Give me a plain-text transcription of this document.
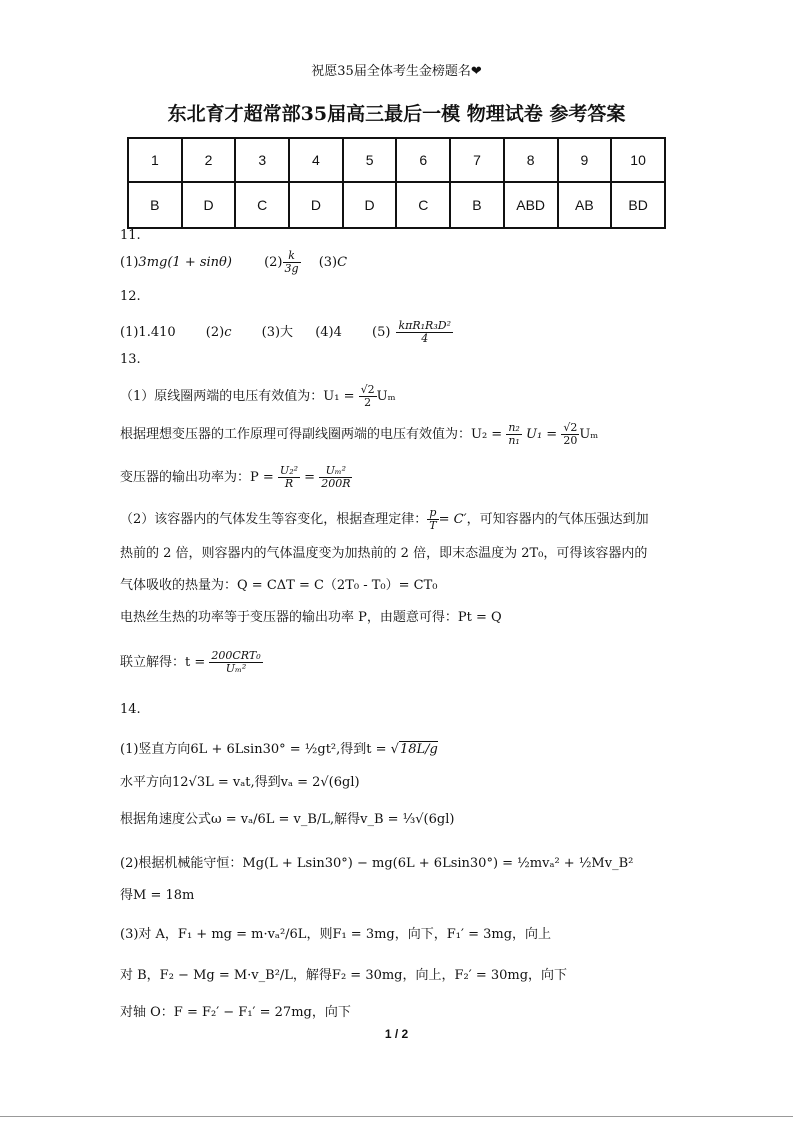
祝愿35届全体考生金榜题名❤
东北育才超常部35届高三最后一模 物理试卷 参考答案
1	2	3	4	5	6	7	8	9	10
B	D	C	D	D	C	B	ABD	AB	BD
11.
(1)3mg(1 + sinθ) $(2) \frac{k}{3g} (3)C$
12.
(1)1.410 (2)c (3)大 (4)4 $(5) \frac{\text{kπR₁R₃D²}}{4}$
13.
（1）原线圈两端的电压有效值为：$U_1 = \frac{√2}{2}$ Uₘ
根据理想变压器的工作原理可得副线圈两端的电压有效值为：$U_2 = \frac{\text{n₂}}{\text{n₁}} U_1 = \frac{√2}{20}$ Uₘ
变压器的输出功率为：$P = \frac{\text{U₂²}}{R} = \frac{\text{Uₘ²}}{200R}$
（2）该容器内的气体发生等容变化，根据查理定律： $\frac{p}{T} = C'$，可知容器内的气体压强达到加
热前的 2 倍，则容器内的气体温度变为加热前的 2 倍，即末态温度为 2T₀，可得该容器内的
气体吸收的热量为：Q = CΔT = C（2T₀ - T₀）= CT₀
电热丝生热的功率等于变压器的输出功率 P，由题意可得：Pt = Q
联立解得：$t = \frac{\text{200CRT₀}}{\text{Uₘ²}}$
14.
(1)竖直方向6L + 6Lsin30° = ½gt²,得到t = √18L/g
水平方向12√3L = vₐt,得到vₐ = 2√(6gl)
根据角速度公式ω = vₐ/6L = v_B/L,解得v_B = ⅓√(6gl)
(2)根据机械能守恒：Mg(L + Lsin30°) − mg(6L + 6Lsin30°) = ½mvₐ² + ½Mv_B²
得M = 18m
(3)对 A，F₁ + mg = m·vₐ²/6L，则F₁ = 3mg，向下，F₁′ = 3mg，向上
对 B，F₂ − Mg = M·v_B²/L，解得F₂ = 30mg，向上，F₂′ = 30mg，向下
对轴 O：F = F₂′ − F₁′ = 27mg，向下
1 / 2
